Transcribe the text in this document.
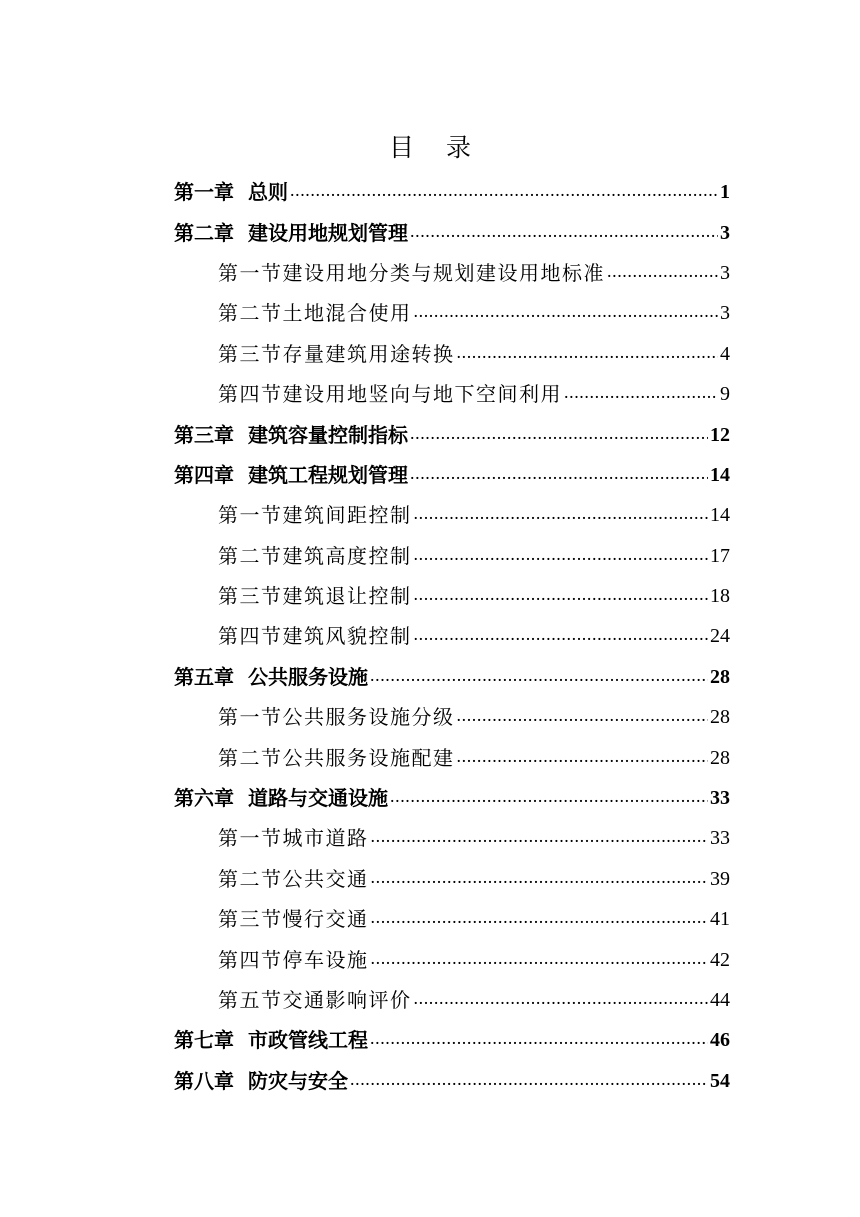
目 录
第一章 总则 .....	1
第二章 建设用地规划管理 .....	3
第一节建设用地分类与规划建设用地标准 .....	3
第二节土地混合使用 .....	3
第三节存量建筑用途转换 .....	4
第四节建设用地竖向与地下空间利用 .....	9
第三章 建筑容量控制指标 .....	12
第四章 建筑工程规划管理 .....	14
第一节建筑间距控制 .....	14
第二节建筑高度控制 .....	17
第三节建筑退让控制 .....	18
第四节建筑风貌控制 .....	24
第五章 公共服务设施 .....	28
第一节公共服务设施分级 .....	28
第二节公共服务设施配建 .....	28
第六章 道路与交通设施 .....	33
第一节城市道路 .....	33
第二节公共交通 .....	39
第三节慢行交通 .....	41
第四节停车设施 .....	42
第五节交通影响评价 .....	44
第七章 市政管线工程 .....	46
第八章 防灾与安全 .....	54
